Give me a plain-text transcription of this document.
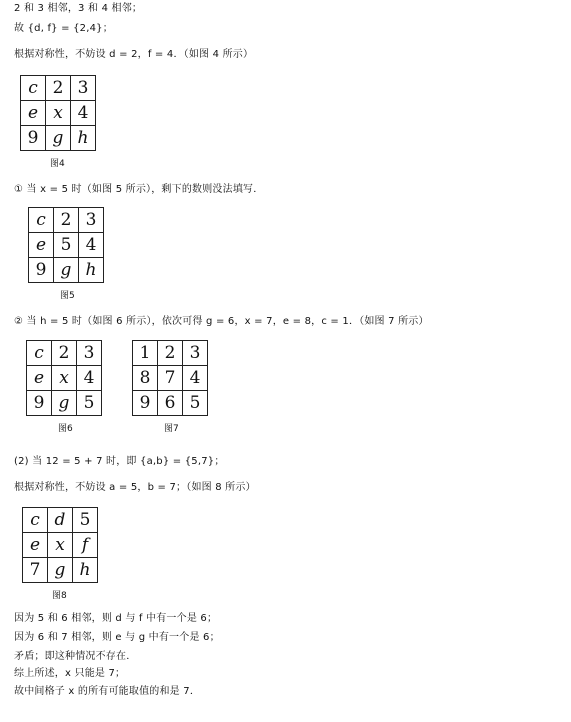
2 和 3 相邻，3 和 4 相邻；
故 {d, f} = {2,4}；
根据对称性，不妨设 d = 2，f = 4．（如图 4 所示）
c	2	3
e	x	4
9	g	h
图4
① 当 x = 5 时（如图 5 所示），剩下的数则没法填写．
c	2	3
e	5	4
9	g	h
图5
② 当 h = 5 时（如图 6 所示），依次可得 g = 6，x = 7，e = 8，c = 1．（如图 7 所示）
c	2	3
e	x	4
9	g	5
图6
1	2	3
8	7	4
9	6	5
图7
(2) 当 12 = 5 + 7 时，即 {a,b} = {5,7}；
根据对称性，不妨设 a = 5，b = 7；（如图 8 所示）
c	d	5
e	x	f
7	g	h
图8
因为 5 和 6 相邻，则 d 与 f 中有一个是 6；
因为 6 和 7 相邻，则 e 与 g 中有一个是 6；
矛盾；即这种情况不存在．
综上所述，x 只能是 7；
故中间格子 x 的所有可能取值的和是 7．
